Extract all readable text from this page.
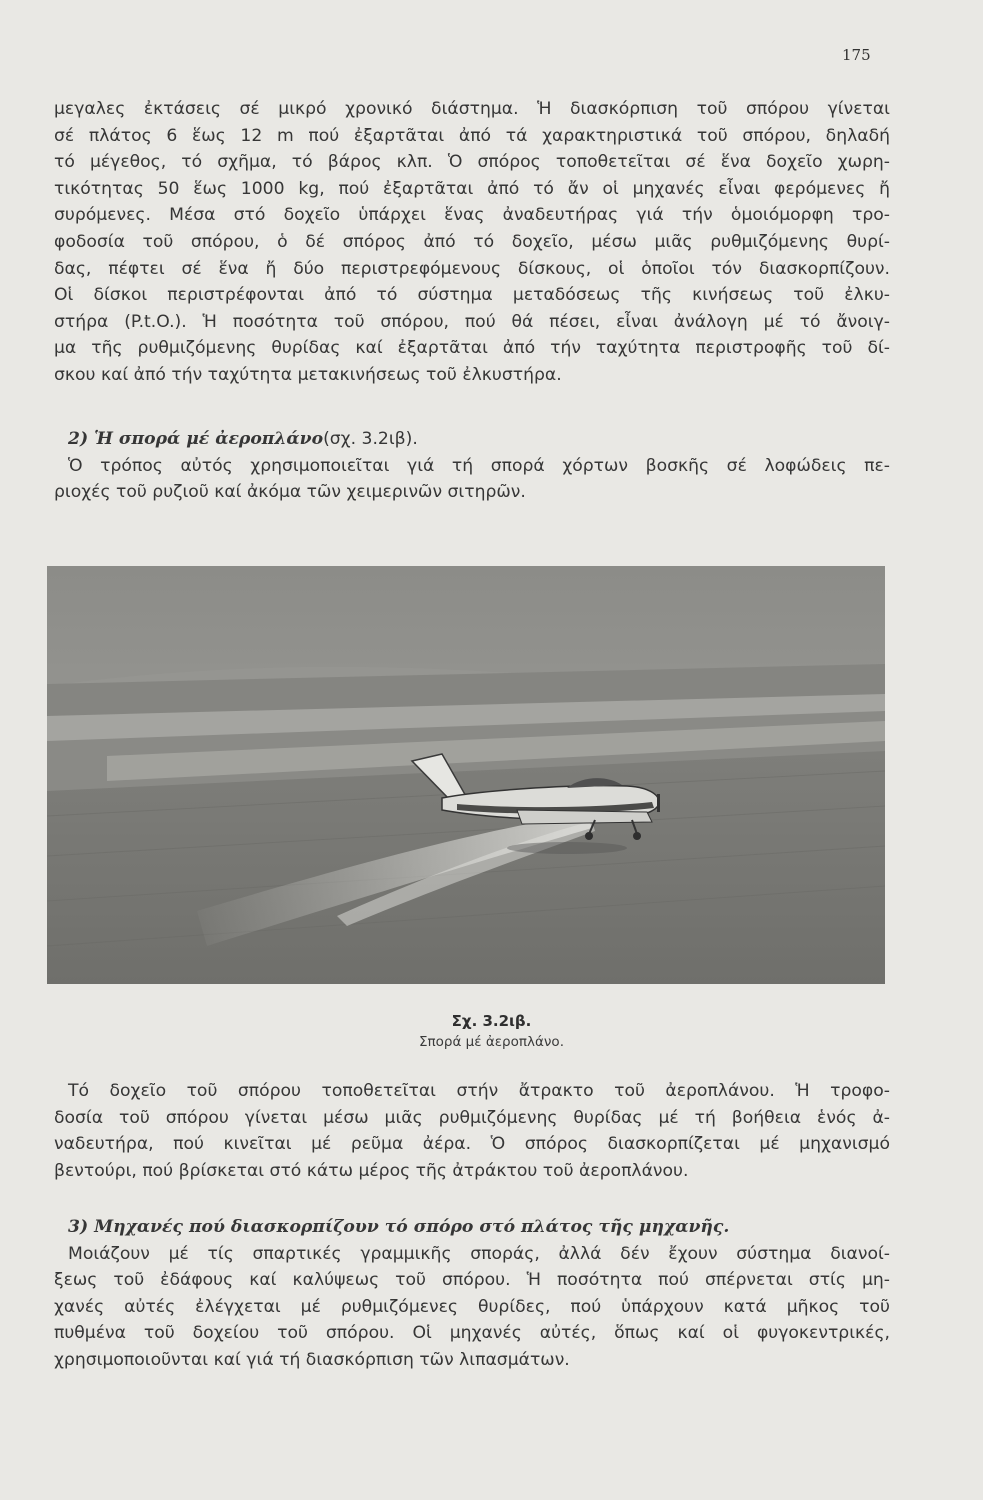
175
μεγαλες ἐκτάσεις σέ μικρό χρονικό διάστημα. Ἡ διασκόρπιση τοῦ σπόρου γίνεται
σέ πλάτος 6 ἕως 12 m πού ἐξαρτᾶται ἀπό τά χαρακτηριστικά τοῦ σπόρου, δηλαδή
τό μέγεθος, τό σχῆμα, τό βάρος κλπ. Ὁ σπόρος τοποθετεῖται σέ ἕνα δοχεῖο χωρη-
τικότητας 50 ἕως 1000 kg, πού ἐξαρτᾶται ἀπό τό ἄν οἱ μηχανές εἶναι φερόμενες ἤ
συρόμενες. Μέσα στό δοχεῖο ὑπάρχει ἕνας ἀναδευτήρας γιά τήν ὁμοιόμορφη τρο-
φοδοσία τοῦ σπόρου, ὁ δέ σπόρος ἀπό τό δοχεῖο, μέσω μιᾶς ρυθμιζόμενης θυρί-
δας, πέφτει σέ ἕνα ἤ δύο περιστρεφόμενους δίσκους, οἱ ὁποῖοι τόν διασκορπίζουν.
Οἱ δίσκοι περιστρέφονται ἀπό τό σύστημα μεταδόσεως τῆς κινήσεως τοῦ ἐλκυ-
στήρα (P.t.O.). Ἡ ποσότητα τοῦ σπόρου, πού θά πέσει, εἶναι ἀνάλογη μέ τό ἄνοιγ-
μα τῆς ρυθμιζόμενης θυρίδας καί ἐξαρτᾶται ἀπό τήν ταχύτητα περιστροφῆς τοῦ δί-
σκου καί ἀπό τήν ταχύτητα μετακινήσεως τοῦ ἐλκυστήρα.
2) Ἡ σπορά μέ ἀεροπλάνο(σχ. 3.2ιβ).
Ὁ τρόπος αὐτός χρησιμοποιεῖται γιά τή σπορά χόρτων βοσκῆς σέ λοφώδεις πε-
ριοχές τοῦ ρυζιοῦ καί ἀκόμα τῶν χειμερινῶν σιτηρῶν.
Σχ. 3.2ιβ.
Σπορά μέ ἀεροπλάνο.
Τό δοχεῖο τοῦ σπόρου τοποθετεῖται στήν ἄτρακτο τοῦ ἀεροπλάνου. Ἡ τροφο-
δοσία τοῦ σπόρου γίνεται μέσω μιᾶς ρυθμιζόμενης θυρίδας μέ τή βοήθεια ἑνός ἀ-
ναδευτήρα, πού κινεῖται μέ ρεῦμα ἀέρα. Ὁ σπόρος διασκορπίζεται μέ μηχανισμό
βεντούρι, πού βρίσκεται στό κάτω μέρος τῆς ἀτράκτου τοῦ ἀεροπλάνου.
3) Μηχανές πού διασκορπίζουν τό σπόρο στό πλάτος τῆς μηχανῆς.
Μοιάζουν μέ τίς σπαρτικές γραμμικῆς σποράς, ἀλλά δέν ἔχουν σύστημα διανοί-
ξεως τοῦ ἐδάφους καί καλύψεως τοῦ σπόρου. Ἡ ποσότητα πού σπέρνεται στίς μη-
χανές αὐτές ἐλέγχεται μέ ρυθμιζόμενες θυρίδες, πού ὑπάρχουν κατά μῆκος τοῦ
πυθμένα τοῦ δοχείου τοῦ σπόρου. Οἱ μηχανές αὐτές, ὅπως καί οἱ φυγοκεντρικές,
χρησιμοποιοῦνται καί γιά τή διασκόρπιση τῶν λιπασμάτων.
